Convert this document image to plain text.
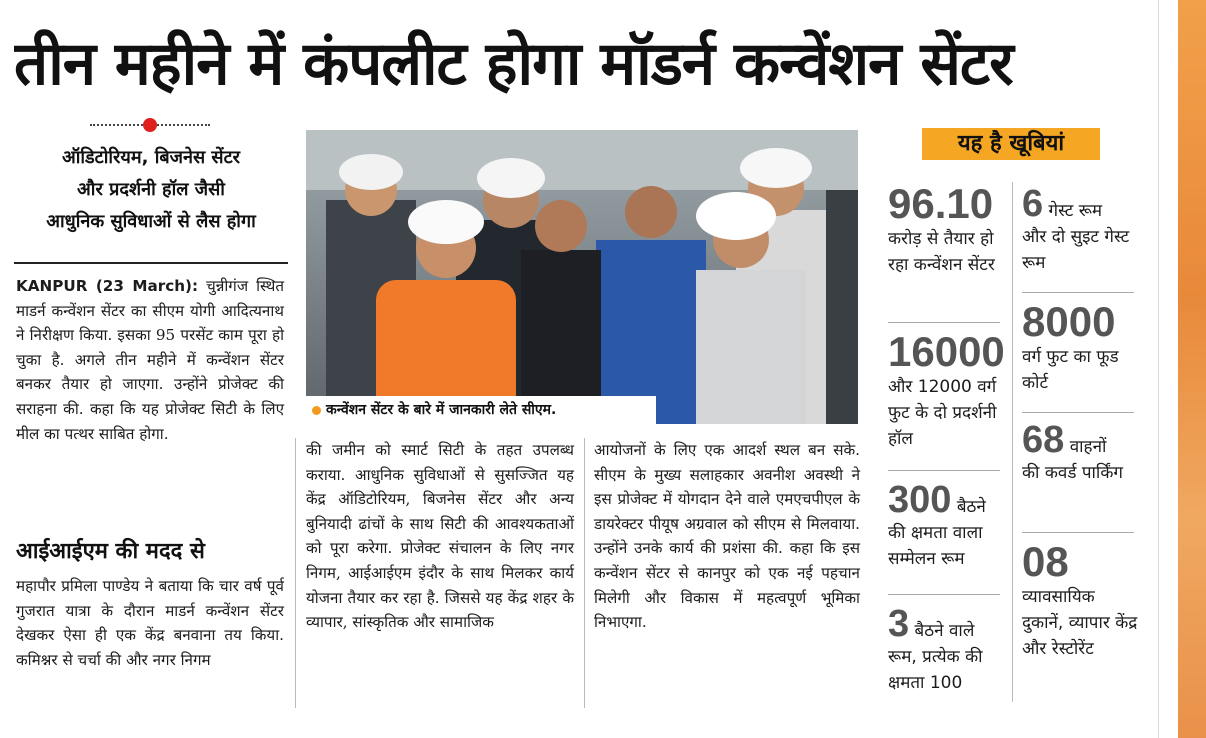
तीन महीने में कंपलीट होगा मॉडर्न कन्वेंशन सेंटर
ऑडिटोरियम, बिजनेस सेंटर
और प्रदर्शनी हॉल जैसी
आधुनिक सुविधाओं से लैस होगा
KANPUR (23 March): चुन्नीगंज स्थित माडर्न कन्वेंशन सेंटर का सीएम योगी आदित्यनाथ ने निरीक्षण किया. इसका 95 परसेंट काम पूरा हो चुका है. अगले तीन महीने में कन्वेंशन सेंटर बनकर तैयार हो जाएगा. उन्होंने प्रोजेक्ट की सराहना की. कहा कि यह प्रोजेक्ट सिटी के लिए मील का पत्थर साबित होगा.
आईआईएम की मदद से
महापौर प्रमिला पाण्डेय ने बताया कि चार वर्ष पूर्व गुजरात यात्रा के दौरान माडर्न कन्वेंशन सेंटर देखकर ऐसा ही एक केंद्र बनवाना तय किया. कमिश्नर से चर्चा की और नगर निगम
कन्वेंशन सेंटर के बारे में जानकारी लेते सीएम.
की जमीन को स्मार्ट सिटी के तहत उपलब्ध कराया. आधुनिक सुविधाओं से सुसज्जित यह केंद्र ऑडिटोरियम, बिजनेस सेंटर और अन्य बुनियादी ढांचों के साथ सिटी की आवश्यकताओं को पूरा करेगा. प्रोजेक्ट संचालन के लिए नगर निगम, आईआईएम इंदौर के साथ मिलकर कार्य योजना तैयार कर रहा है. जिससे यह केंद्र शहर के व्यापार, सांस्कृतिक और सामाजिक
आयोजनों के लिए एक आदर्श स्थल बन सके. सीएम के मुख्य सलाहकार अवनीश अवस्थी ने इस प्रोजेक्ट में योगदान देने वाले एमएचपीएल के डायरेक्टर पीयूष अग्रवाल को सीएम से मिलवाया. उन्होंने उनके कार्य की प्रशंसा की. कहा कि इस कन्वेंशन सेंटर से कानपुर को एक नई पहचान मिलेगी और विकास में महत्वपूर्ण भूमिका निभाएगा.
यह है खूबियां
96.10
करोड़ से तैयार हो रहा कन्वेंशन सेंटर
16000
और 12000 वर्ग फुट के दो प्रदर्शनी हॉल
300 बैठने
की क्षमता वाला सम्मेलन रूम
3 बैठने वाले
रूम, प्रत्येक की क्षमता 100
6 गेस्ट रूम
और दो सुइट गेस्ट रूम
8000
वर्ग फुट का फूड कोर्ट
68 वाहनों
की कवर्ड पार्किंग
08
व्यावसायिक दुकानें, व्यापार केंद्र और रेस्टोरेंट
